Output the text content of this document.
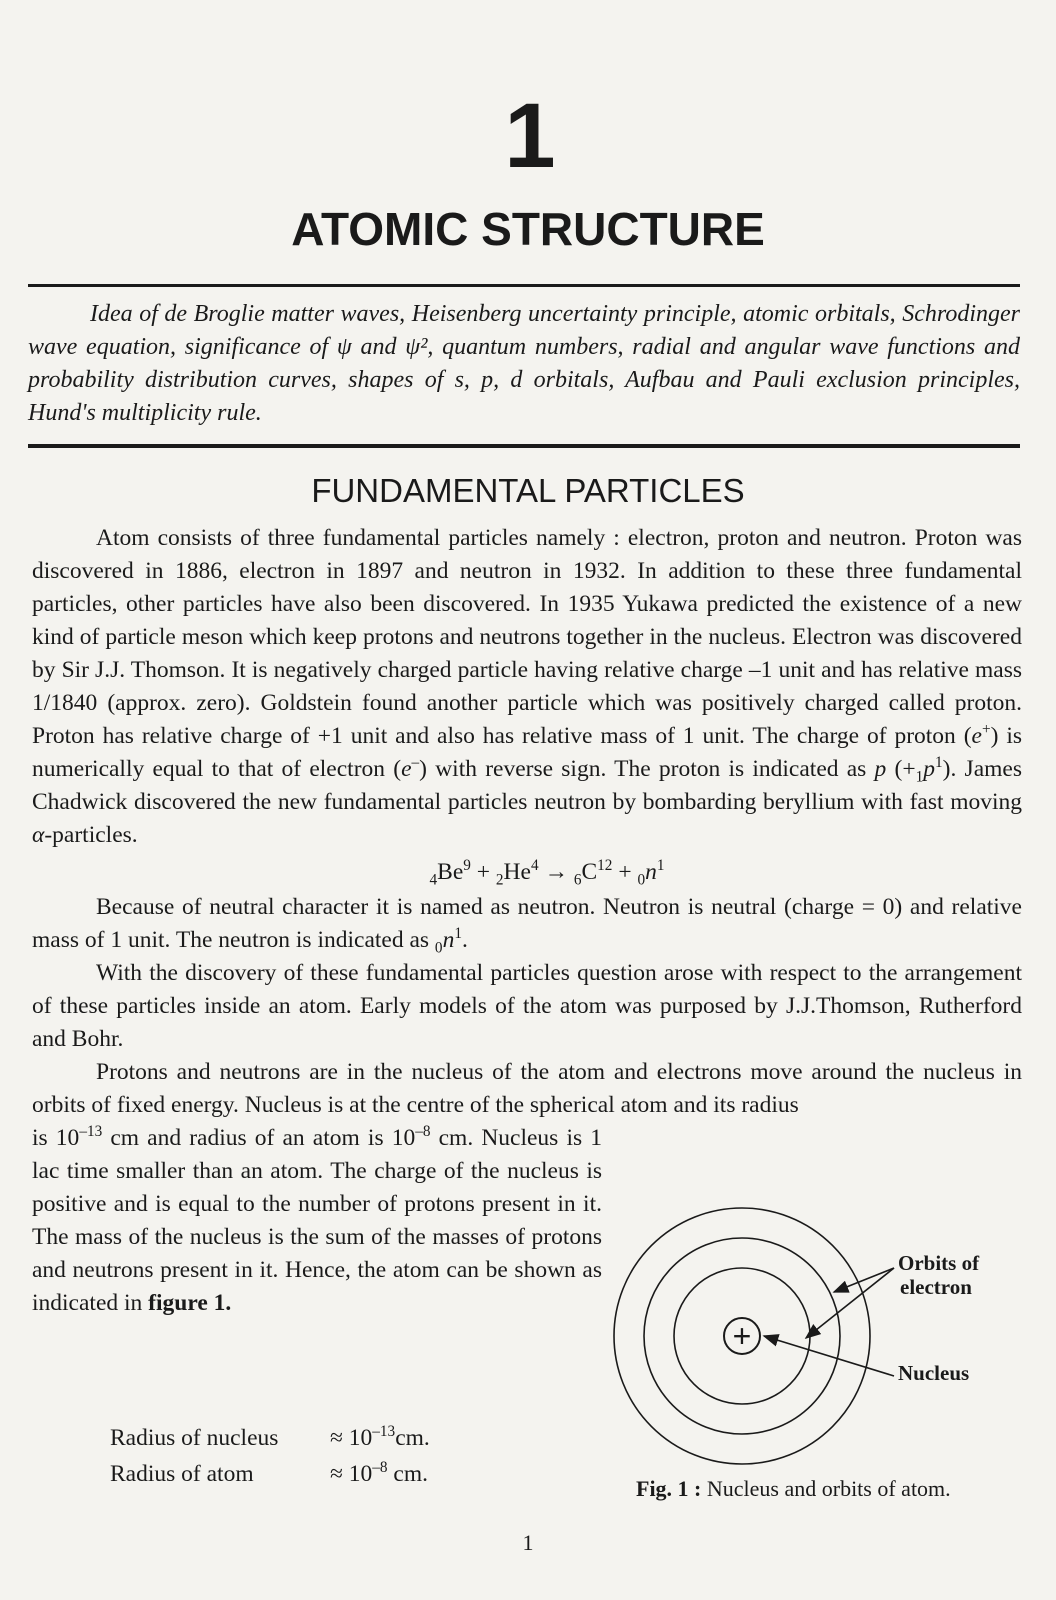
1
ATOMIC STRUCTURE
Idea of de Broglie matter waves, Heisenberg uncertainty principle, atomic orbitals, Schrodinger wave equation, significance of ψ and ψ², quantum numbers, radial and angular wave functions and probability distribution curves, shapes of s, p, d orbitals, Aufbau and Pauli exclusion principles, Hund's multiplicity rule.
FUNDAMENTAL PARTICLES

Atom consists of three fundamental particles namely : electron, proton and neutron. Proton was discovered in 1886, electron in 1897 and neutron in 1932. In addition to these three fundamental particles, other particles have also been discovered. In 1935 Yukawa predicted the existence of a new kind of particle meson which keep protons and neutrons together in the nucleus. Electron was discovered by Sir J.J. Thomson. It is negatively charged particle having relative charge –1 unit and has relative mass 1/1840 (approx. zero). Goldstein found another particle which was positively charged called proton. Proton has relative charge of +1 unit and also has relative mass of 1 unit. The charge of proton (e+) is numerically equal to that of electron (e–) with reverse sign. The proton is indicated as p $(+_1p^1)$. James Chadwick discovered the new fundamental particles neutron by bombarding beryllium with fast moving α-particles.

$_4Be^9 + _2He^4 \to _6C^{12} + _0n^1$

Because of neutral character it is named as neutron. Neutron is neutral (charge = 0) and relative mass of 1 unit. The neutron is indicated as $_0n^1$.

With the discovery of these fundamental particles question arose with respect to the arrangement of these particles inside an atom. Early models of the atom was purposed by J.J.Thomson, Rutherford and Bohr.

Protons and neutrons are in the nucleus of the atom and electrons move around the nucleus in orbits of fixed energy. Nucleus is at the centre of the spherical atom and its radius

is $10^{-13}$ cm and radius of an atom is $10^{-8}$ cm. Nucleus is 1 lac time smaller than an atom. The charge of the nucleus is positive and is equal to the number of protons present in it. The mass of the nucleus is the sum of the masses of protons and neutrons present in it. Hence, the atom can be shown as indicated in figure 1.

Radius of nucleus ≈ $10^{-13}cm$.
Radius of atom	≈ $10^{-8}$ cm.
+
Orbits of
electron
Nucleus
Fig. 1 : Nucleus and orbits of atom.
1
